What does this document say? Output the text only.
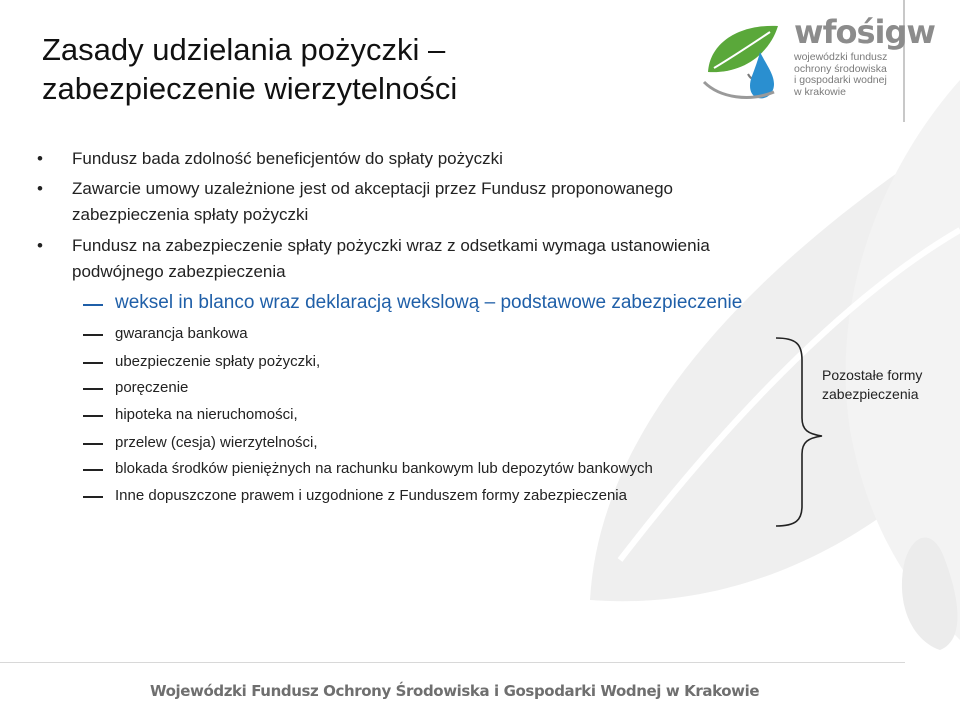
Zasady udzielania pożyczki –
zabezpieczenie wierzytelności
wfośigw
wojewódzki fundusz
ochrony środowiska
i gospodarki wodnej
w krakowie
• Fundusz bada zdolność beneficjentów do spłaty pożyczki
• Zawarcie umowy uzależnione jest od akceptacji przez Fundusz proponowanego
zabezpieczenia spłaty pożyczki
• Fundusz na zabezpieczenie spłaty pożyczki wraz z odsetkami wymaga ustanowienia
podwójnego zabezpieczenia
weksel in blanco wraz deklaracją wekslową – podstawowe zabezpieczenie
gwarancja bankowa
ubezpieczenie spłaty pożyczki,
poręczenie
hipoteka na nieruchomości,
przelew (cesja) wierzytelności,
blokada środków pieniężnych na rachunku bankowym lub depozytów bankowych
Inne dopuszczone prawem i uzgodnione z Funduszem formy zabezpieczenia
Pozostałe formy
zabezpieczenia
Wojewódzki Fundusz Ochrony Środowiska i Gospodarki Wodnej w Krakowie
